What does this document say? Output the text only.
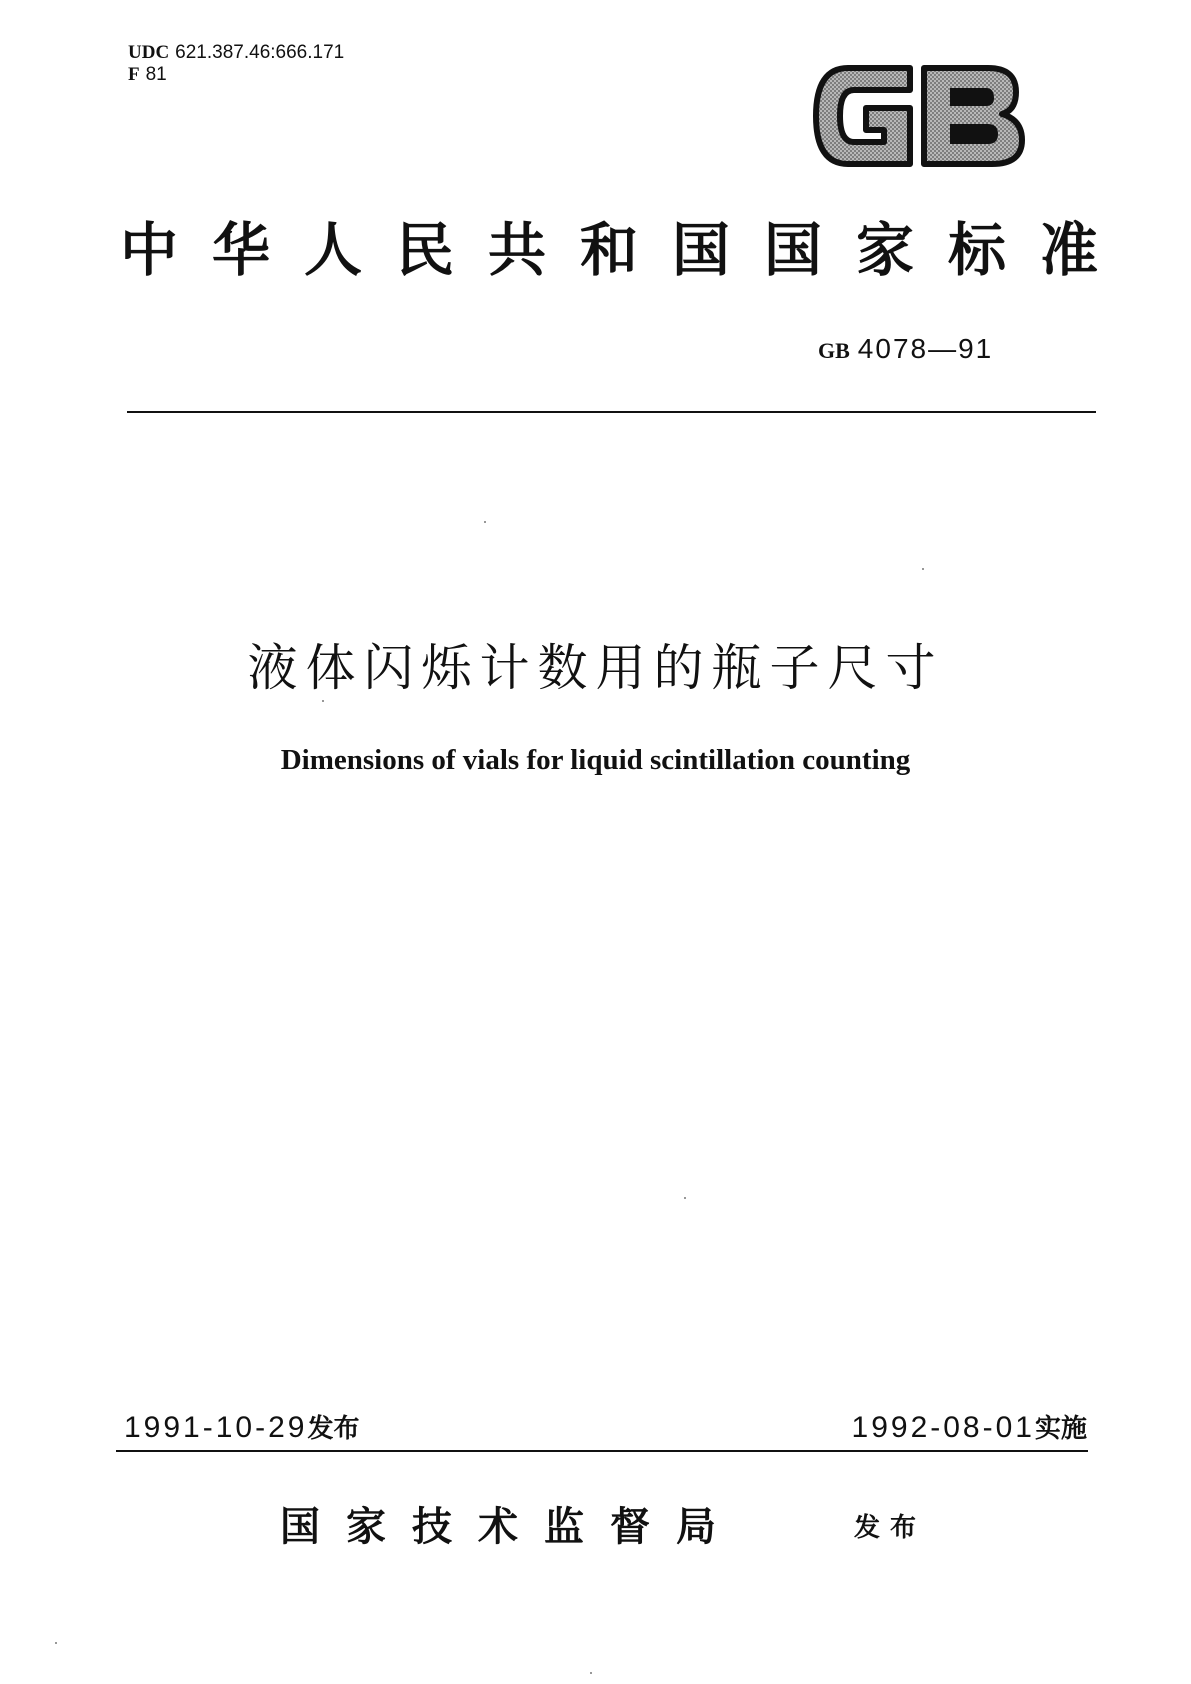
UDC 621.387.46:666.171
F 81
中华人民共和国国家标准
GB 4078—91
液体闪烁计数用的瓶子尺寸
Dimensions of vials for liquid scintillation counting
1991-10-29发布	1992-08-01实施
国家技术监督局	发布
